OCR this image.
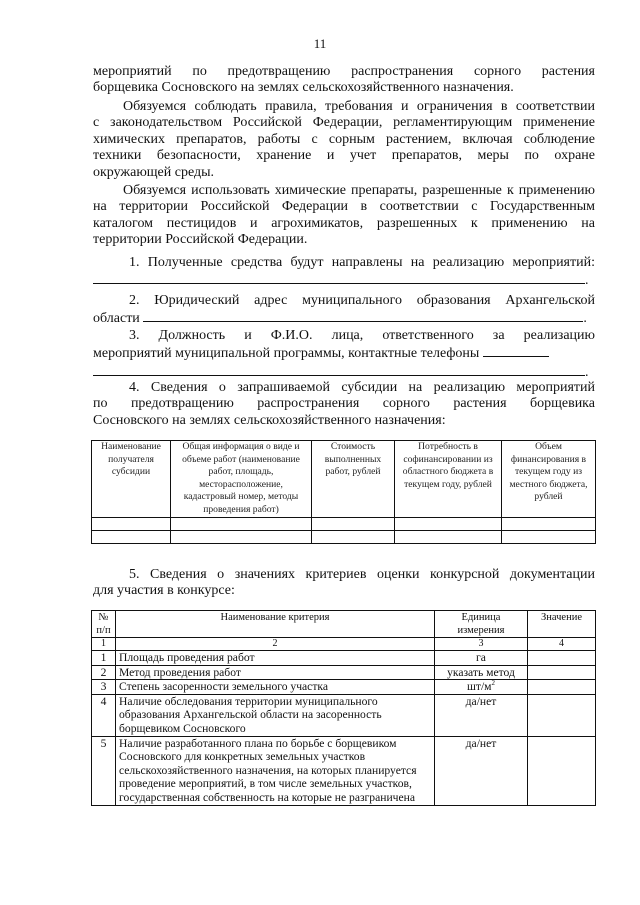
11
мероприятий по предотвращению распространения сорного растения
борщевика Сосновского на землях сельскохозяйственного назначения.
Обязуемся соблюдать правила, требования и ограничения в соответствии
с законодательством Российской Федерации, регламентирующим применение
химических препаратов, работы с сорным растением, включая соблюдение
техники безопасности, хранение и учет препаратов, меры по охране
окружающей среды.
Обязуемся использовать химические препараты, разрешенные к применению
на территории Российской Федерации в соответствии с Государственным
каталогом пестицидов и агрохимикатов, разрешенных к применению на
территории Российской Федерации.
1. Полученные средства будут направлены на реализацию мероприятий:
.
2. Юридический адрес муниципального образования Архангельской
области	.
3. Должность и Ф.И.О. лица, ответственного за реализацию
мероприятий муниципальной программы, контактные телефоны
.
4. Сведения о запрашиваемой субсидии на реализацию мероприятий
по предотвращению распространения сорного растения борщевика
Сосновского на землях сельскохозяйственного назначения:
Наименование получателя субсидии	Общая информация о виде и объеме работ (наименование работ, площадь, месторасположение, кадастровый номер, методы проведения работ)	Стоимость выполненных работ, рублей	Потребность в софинансировании из областного бюджета в текущем году, рублей	Объем финансирования в текущем году из местного бюджета, рублей

5. Сведения о значениях критериев оценки конкурсной документации
для участия в конкурсе:
№ п/п	Наименование критерия	Единица измерения	Значение
1	2	3	4
1	Площадь проведения работ	га	
2	Метод проведения работ	указать метод	
3	Степень засоренности земельного участка	$шт/м^2$	
4	Наличие обследования территории муниципального образования Архангельской области на засоренность борщевиком Сосновского	да/нет	
5	Наличие разработанного плана по борьбе с борщевиком Сосновского для конкретных земельных участков сельскохозяйственного назначения, на которых планируется проведение мероприятий, в том числе земельных участков, государственная собственность на которые не разграничена	да/нет	
